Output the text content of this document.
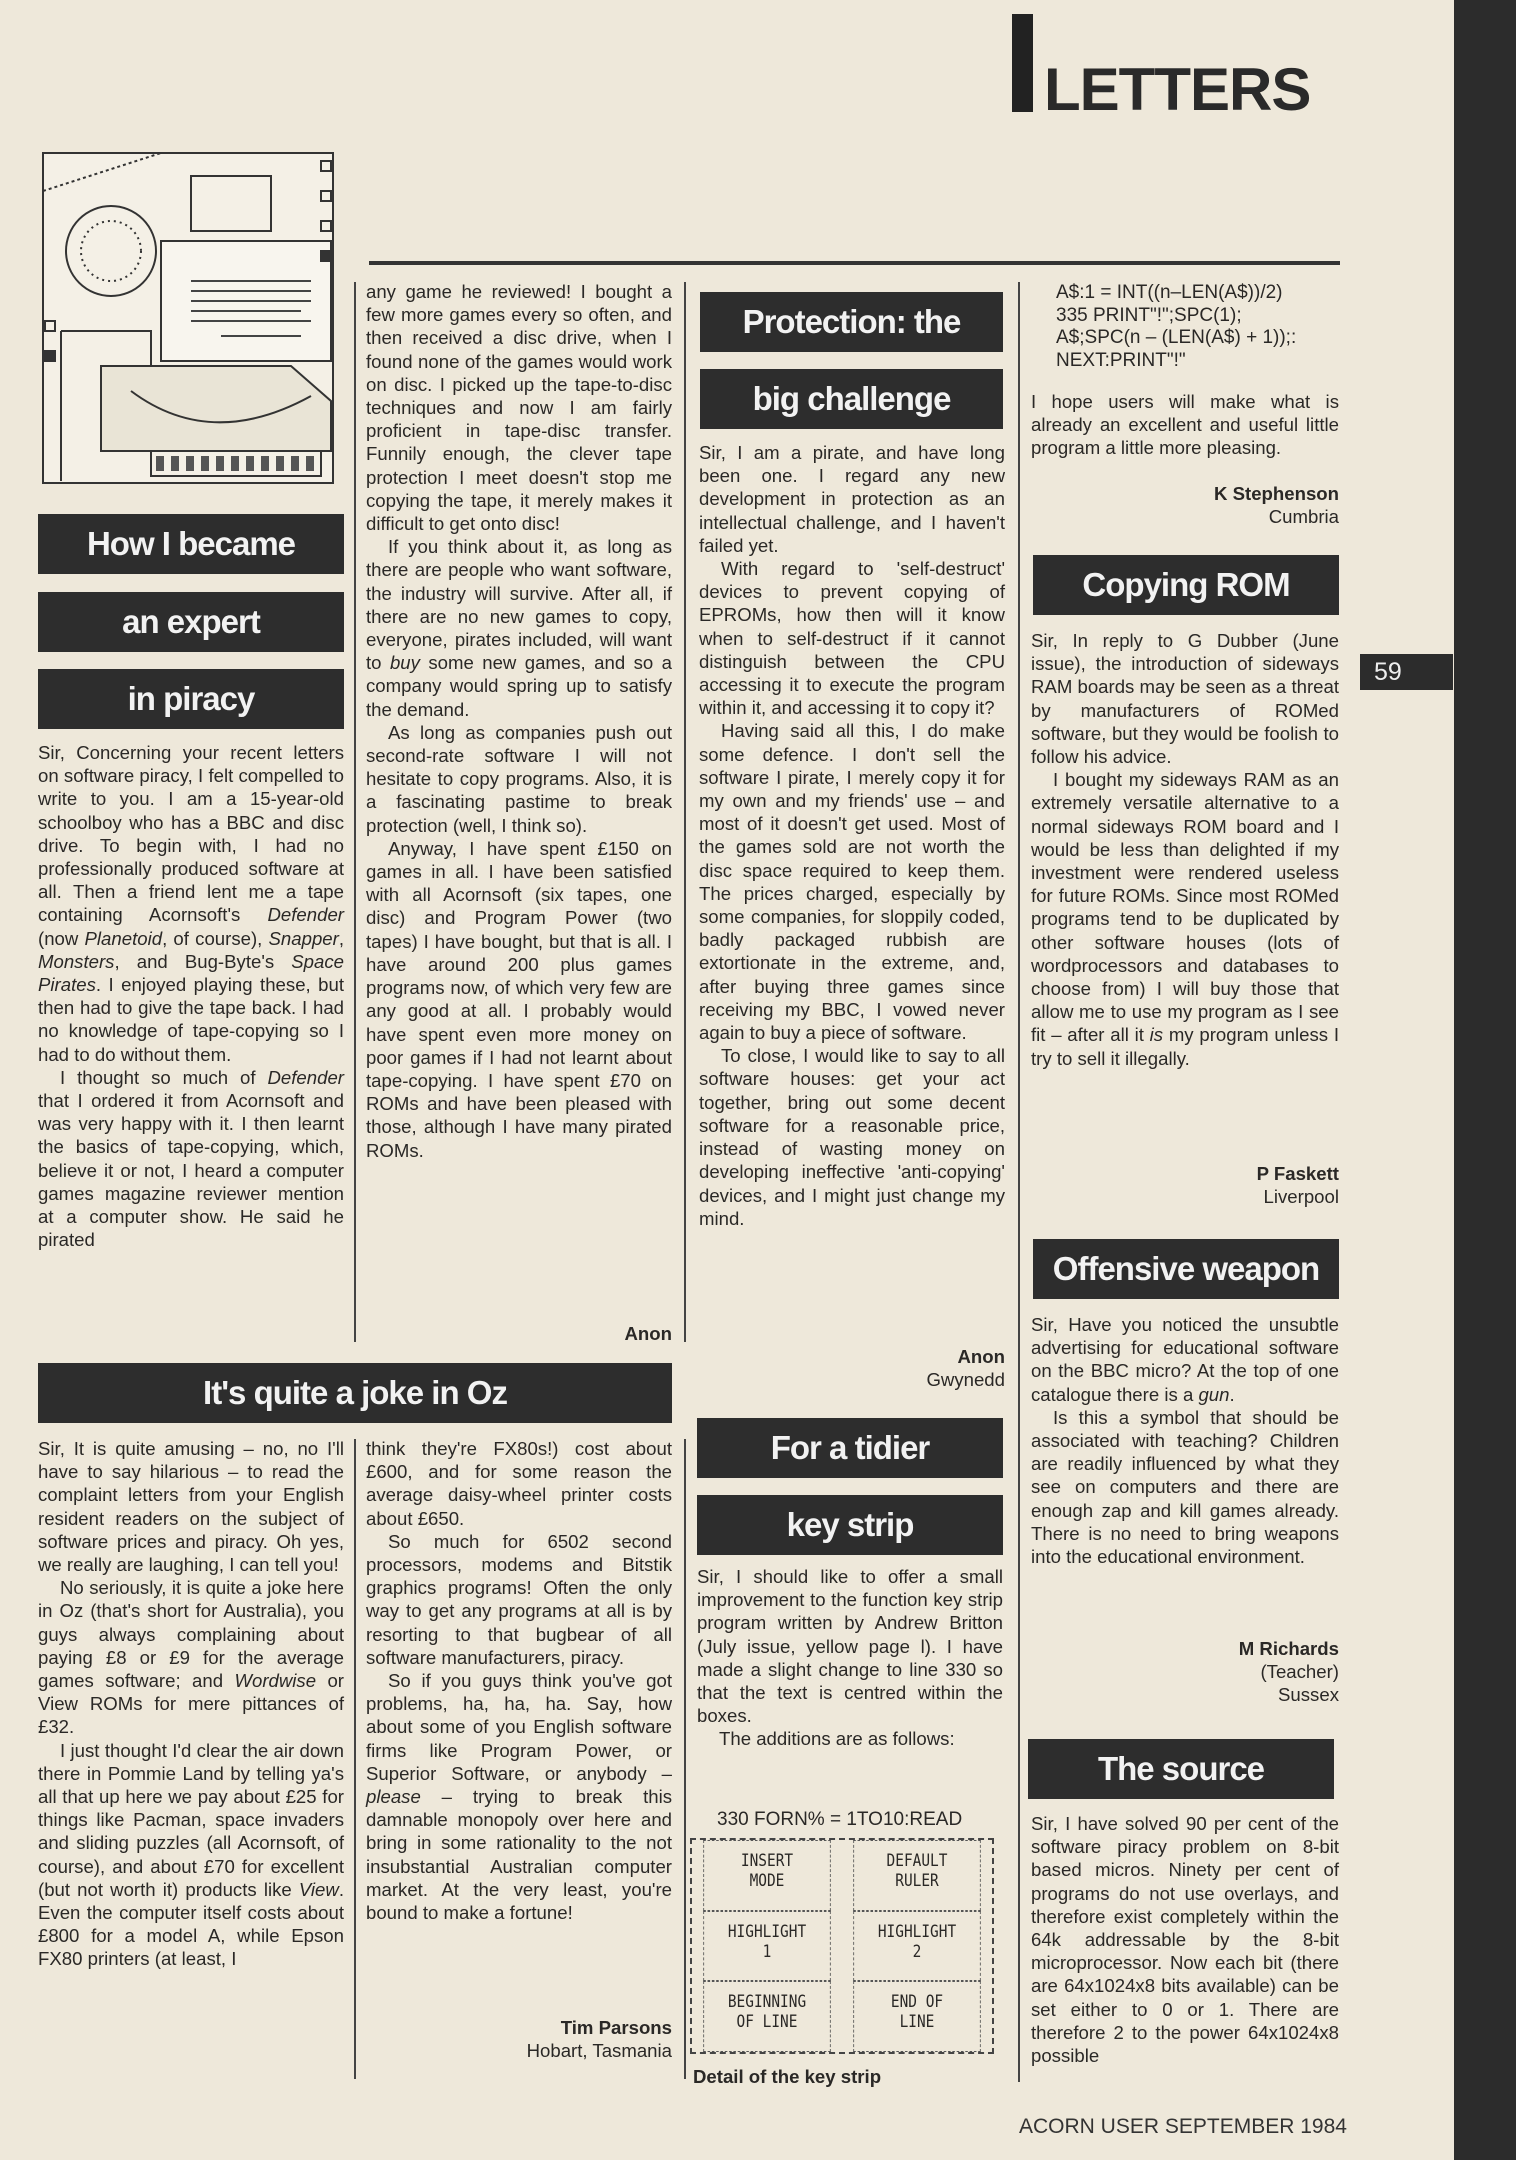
LETTERS
59
ACORN USER SEPTEMBER 1984
How I became
an expert
in piracy

Sir, Concerning your recent letters on software piracy, I felt compelled to write to you. I am a 15-year-old schoolboy who has a BBC and disc drive. To begin with, I had no professionally produced software at all. Then a friend lent me a tape containing Acornsoft's Defender (now Planetoid, of course), Snapper, Monsters, and Bug-Byte's Space Pirates. I enjoyed playing these, but then had to give the tape back. I had no knowledge of tape-copying so I had to do without them.

I thought so much of Defender that I ordered it from Acornsoft and was very happy with it. I then learnt the basics of tape-copying, which, believe it or not, I heard a computer games magazine reviewer mention at a computer show. He said he pirated

any game he reviewed! I bought a few more games every so often, and then received a disc drive, when I found none of the games would work on disc. I picked up the tape-to-disc techniques and now I am fairly proficient in tape-disc transfer. Funnily enough, the clever tape protection I meet doesn't stop me copying the tape, it merely makes it difficult to get onto disc!

If you think about it, as long as there are people who want software, the industry will survive. After all, if there are no new games to copy, everyone, pirates included, will want to buy some new games, and so a company would spring up to satisfy the demand.

As long as companies push out second-rate software I will not hesitate to copy programs. Also, it is a fascinating pastime to break protection (well, I think so).

Anyway, I have spent £150 on games in all. I have been satisfied with all Acornsoft (six tapes, one disc) and Program Power (two tapes) I have bought, but that is all. I have around 200 plus games programs now, of which very few are any good at all. I probably would have spent even more money on poor games if I had not learnt about tape-copying. I have spent £70 on ROMs and have been pleased with those, although I have many pirated ROMs.

Anon
It's quite a joke in Oz

Sir, It is quite amusing – no, no I'll have to say hilarious – to read the complaint letters from your English resident readers on the subject of software prices and piracy. Oh yes, we really are laughing, I can tell you!

No seriously, it is quite a joke here in Oz (that's short for Australia), you guys always complaining about paying £8 or £9 for the average games software; and Wordwise or View ROMs for mere pittances of £32.

I just thought I'd clear the air down there in Pommie Land by telling ya's all that up here we pay about £25 for things like Pacman, space invaders and sliding puzzles (all Acornsoft, of course), and about £70 for excellent (but not worth it) products like View. Even the computer itself costs about £800 for a model A, while Epson FX80 printers (at least, I

think they're FX80s!) cost about £600, and for some reason the average daisy-wheel printer costs about £650.

So much for 6502 second processors, modems and Bitstik graphics programs! Often the only way to get any programs at all is by resorting to that bugbear of all software manufacturers, piracy.

So if you guys think you've got problems, ha, ha, ha. Say, how about some of you English software firms like Program Power, or Superior Software, or anybody – please – trying to break this damnable monopoly over here and bring in some rationality to the not insubstantial Australian computer market. At the very least, you're bound to make a fortune!

Tim Parsons
Hobart, Tasmania
Protection: the
big challenge

Sir, I am a pirate, and have long been one. I regard any new development in protection as an intellectual challenge, and I haven't failed yet.

With regard to 'self-destruct' devices to prevent copying of EPROMs, how then will it know when to self-destruct if it cannot distinguish between the CPU accessing it to execute the program within it, and accessing it to copy it?

Having said all this, I do make some defence. I don't sell the software I pirate, I merely copy it for my own and my friends' use – and most of it doesn't get used. Most of the games sold are not worth the disc space required to keep them. The prices charged, especially by some companies, for sloppily coded, badly packaged rubbish are extortionate in the extreme, and, after buying three games since receiving my BBC, I vowed never again to buy a piece of software.

To close, I would like to say to all software houses: get your act together, bring out some decent software for a reasonable price, instead of wasting money on developing ineffective 'anti-copying' devices, and I might just change my mind.

Anon
Gwynedd
For a tidier
key strip

Sir, I should like to offer a small improvement to the function key strip program written by Andrew Britton (July issue, yellow page l). I have made a slight change to line 330 so that the text is centred within the boxes.

The additions are as follows:

330 FORN% = 1TO10:READ
INSERT
MODE
DEFAULT
RULER
HIGHLIGHT
1
HIGHLIGHT
2
BEGINNING
OF LINE
END OF
LINE
Detail of the key strip
A$:1 = INT((n–LEN(A$))/2)
335 PRINT"!";SPC(1);
A$;SPC(n – (LEN(A$) + 1));:
NEXT:PRINT"!"

I hope users will make what is already an excellent and useful little program a little more pleasing.

K Stephenson
Cumbria
Copying ROM

Sir, In reply to G Dubber (June issue), the introduction of sideways RAM boards may be seen as a threat by manufacturers of ROMed software, but they would be foolish to follow his advice.

I bought my sideways RAM as an extremely versatile alternative to a normal sideways ROM board and I would be less than delighted if my investment were rendered useless for future ROMs. Since most ROMed programs tend to be duplicated by other software houses (lots of wordprocessors and databases to choose from) I will buy those that allow me to use my program as I see fit – after all it is my program unless I try to sell it illegally.

P Faskett
Liverpool
Offensive weapon

Sir, Have you noticed the unsubtle advertising for educational software on the BBC micro? At the top of one catalogue there is a gun.

Is this a symbol that should be associated with teaching? Children are readily influenced by what they see on computers and there are enough zap and kill games already. There is no need to bring weapons into the educational environment.

M Richards
(Teacher)
Sussex
The source

Sir, I have solved 90 per cent of the software piracy problem on 8-bit based micros. Ninety per cent of programs do not use overlays, and therefore exist completely within the 64k addressable by the 8-bit microprocessor. Now each bit (there are 64x1024x8 bits available) can be set either to 0 or 1. There are therefore 2 to the power 64x1024x8 possible
